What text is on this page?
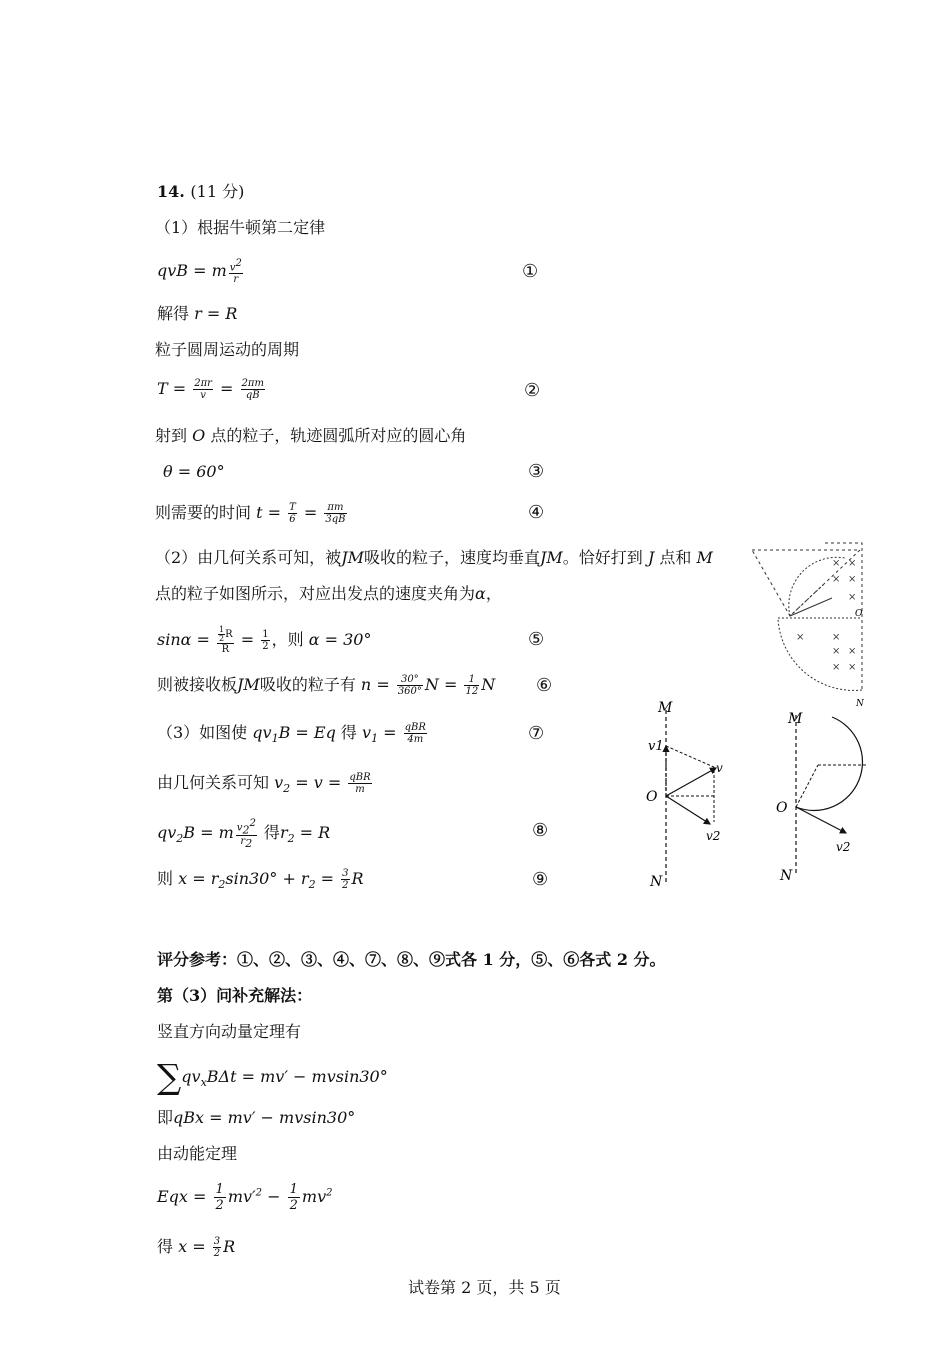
14. (11 分)
（1）根据牛顿第二定律
qvB = m $\frac{v^2}{r}$	①
解得 r = R
粒子圆周运动的周期
$T = \frac{2\pi r}{v} = \frac{2\pi m}{qB}$	②
射到 O 点的粒子，轨迹圆弧所对应的圆心角
θ = 60°	③
则需要的时间 $t = \frac{T}{6} = \frac{\pi m}{3qB}$	④
（2）由几何关系可知，被JM吸收的粒子，速度均垂直JM。恰好打到 J 点和 M
点的粒子如图所示，对应出发点的速度夹角为α，
$\sin\alpha = \frac{\frac{1}{2} R}{R} = \frac{1}{2}$ ，则 α = 30°	⑤
则被接收板JM吸收的粒子有 $n = \frac{30^\circ}{360^\circ}$ $N = \frac{1}{12}$ N ⑥
（3）如图使 $qv_1B = Eq$ 得 $v_1 = \frac{\text{qBR}}{4m}$	⑦
由几何关系可知 $v_2 = v = \frac{\text{qBR}}{m}$
$qv_2B = m \frac{v_2^2}{r_2}$ 得$r_2 = R$	⑧
则 $x = r_2\sin 30^\circ + r_2 = \frac{3}{2}$ R	⑨
评分参考：①、②、③、④、⑦、⑧、⑨式各 1 分，⑤、⑥各式 2 分。
第（3）问补充解法：
竖直方向动量定理有
$\sum qv_xB\Delta t = mv' - mvsin30^\circ$
即qBx = mv′ − mvsin30°
由动能定理
Eqx = $\frac{1}{2} mv'^2 - \frac{1}{2} mv^2$
得 $x = \frac{3}{2}$ R
试卷第 2 页，共 5 页
× ×
× ×
×
×	×
× ×
× ×
O
N
M
v1
v
O
v2
N
M
O
v2
N
